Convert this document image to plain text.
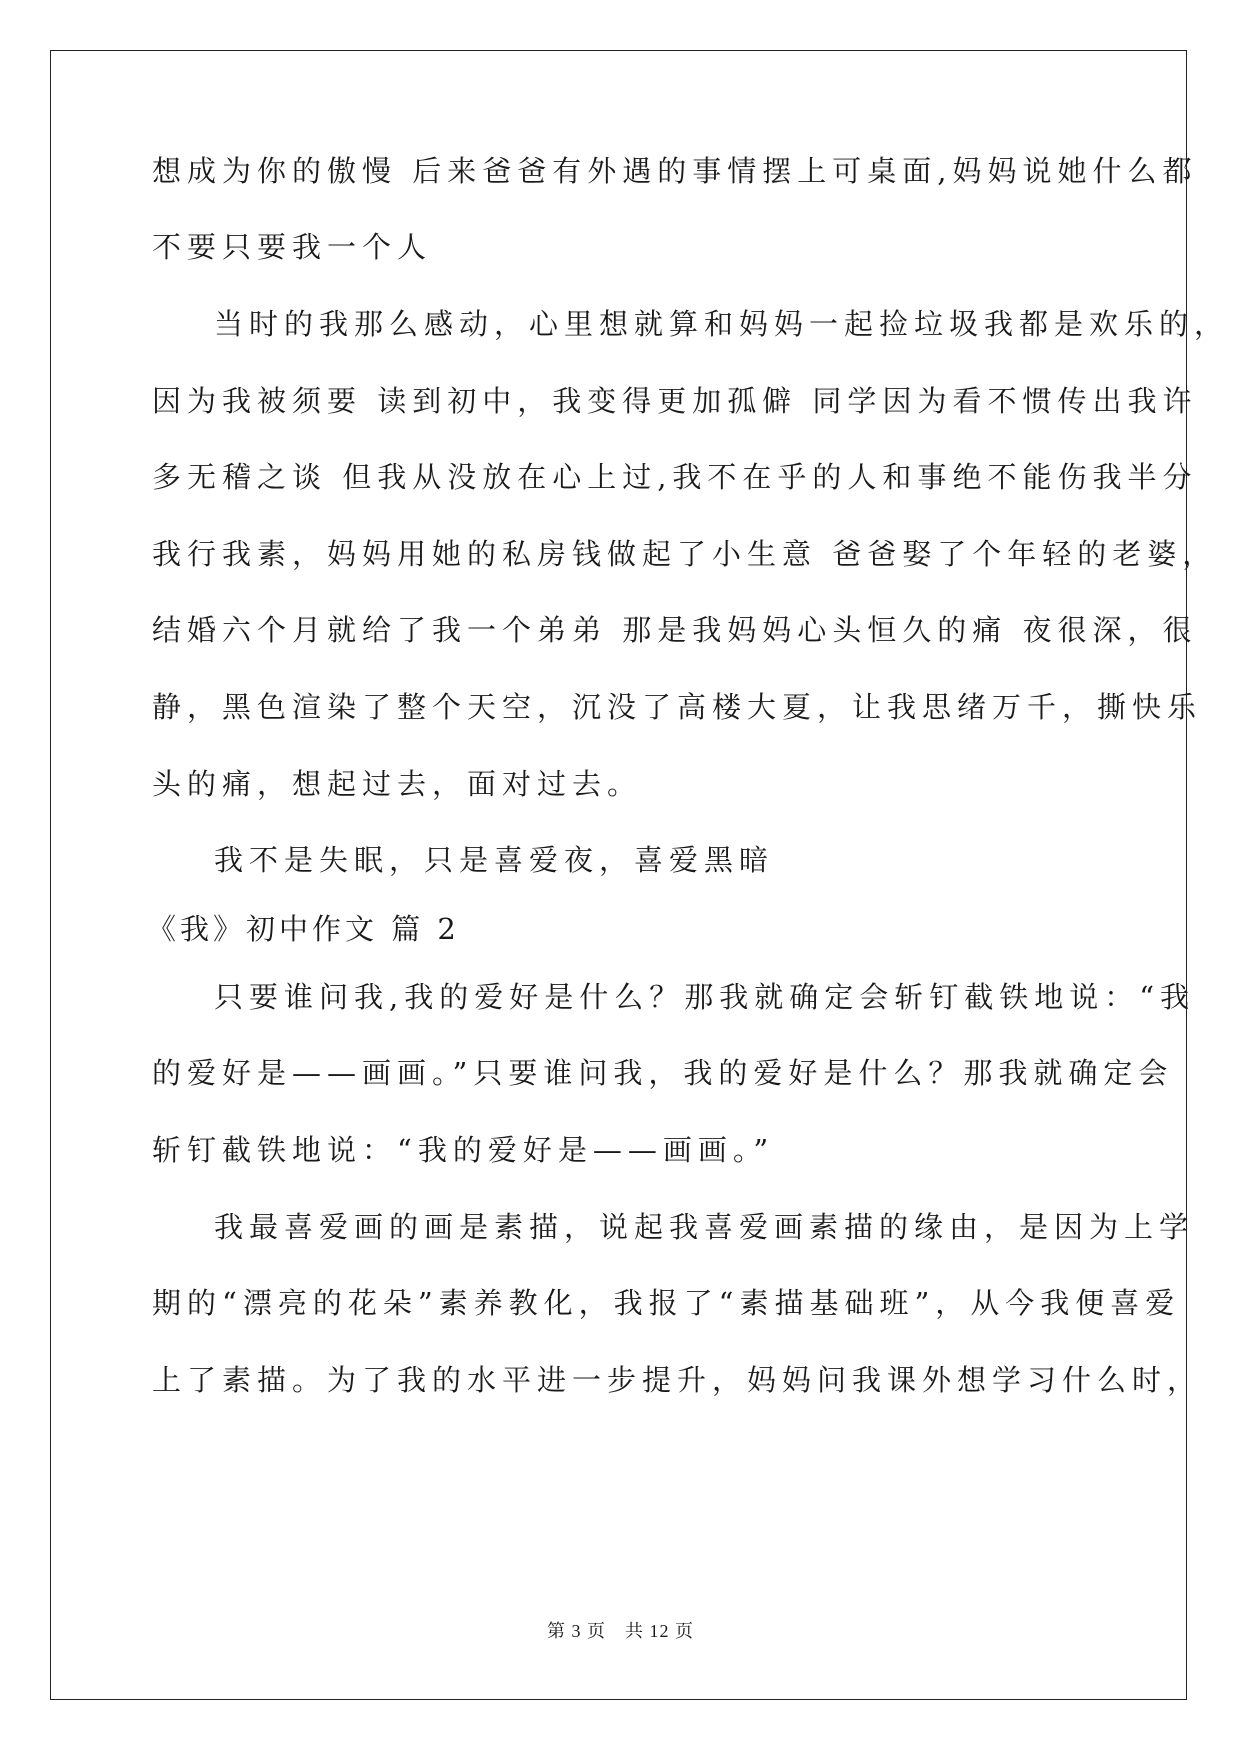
想成为你的傲慢 后来爸爸有外遇的事情摆上可桌面,妈妈说她什么都
不要只要我一个人
当时的我那么感动，心里想就算和妈妈一起捡垃圾我都是欢乐的，
因为我被须要 读到初中，我变得更加孤僻 同学因为看不惯传出我许
多无稽之谈 但我从没放在心上过,我不在乎的人和事绝不能伤我半分
我行我素，妈妈用她的私房钱做起了小生意 爸爸娶了个年轻的老婆，
结婚六个月就给了我一个弟弟 那是我妈妈心头恒久的痛 夜很深，很
静，黑色渲染了整个天空，沉没了高楼大夏，让我思绪万千，撕快乐
头的痛，想起过去，面对过去。
我不是失眠，只是喜爱夜，喜爱黑暗
《我》初中作文 篇 2
只要谁问我,我的爱好是什么？那我就确定会斩钉截铁地说：“我
的爱好是——画画。”只要谁问我，我的爱好是什么？那我就确定会
斩钉截铁地说：“我的爱好是——画画。”
我最喜爱画的画是素描，说起我喜爱画素描的缘由，是因为上学
期的“漂亮的花朵”素养教化，我报了“素描基础班”，从今我便喜爱
上了素描。为了我的水平进一步提升，妈妈问我课外想学习什么时，
第 3 页　共 12 页
